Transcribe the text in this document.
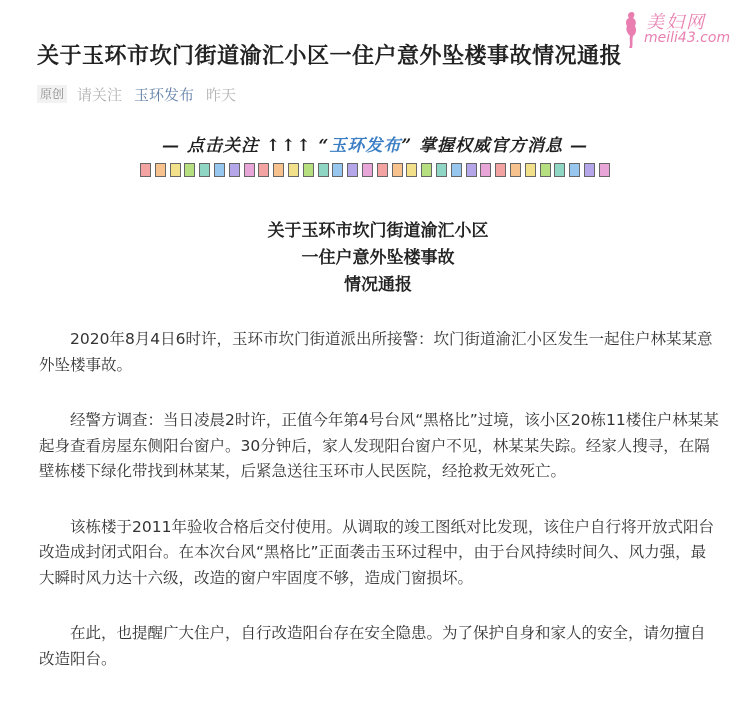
美妇网
meili43.com
关于玉环市坎门街道渝汇小区一住户意外坠楼事故情况通报
原创 请关注 玉环发布 昨天
— 点击关注 ↑↑↑ “玉环发布” 掌握权威官方消息 —
关于玉环市坎门街道渝汇小区
一住户意外坠楼事故
情况通报

2020年8月4日6时许，玉环市坎门街道派出所接警：坎门街道渝汇小区发生一起住户林某某意外坠楼事故。

经警方调查：当日凌晨2时许，正值今年第4号台风“黑格比”过境，该小区20栋11楼住户林某某起身查看房屋东侧阳台窗户。30分钟后，家人发现阳台窗户不见，林某某失踪。经家人搜寻，在隔壁栋楼下绿化带找到林某某，后紧急送往玉环市人民医院，经抢救无效死亡。

该栋楼于2011年验收合格后交付使用。从调取的竣工图纸对比发现，该住户自行将开放式阳台改造成封闭式阳台。在本次台风“黑格比”正面袭击玉环过程中，由于台风持续时间久、风力强，最大瞬时风力达十六级，改造的窗户牢固度不够，造成门窗损坏。

在此，也提醒广大住户，自行改造阳台存在安全隐患。为了保护自身和家人的安全，请勿擅自改造阳台。
